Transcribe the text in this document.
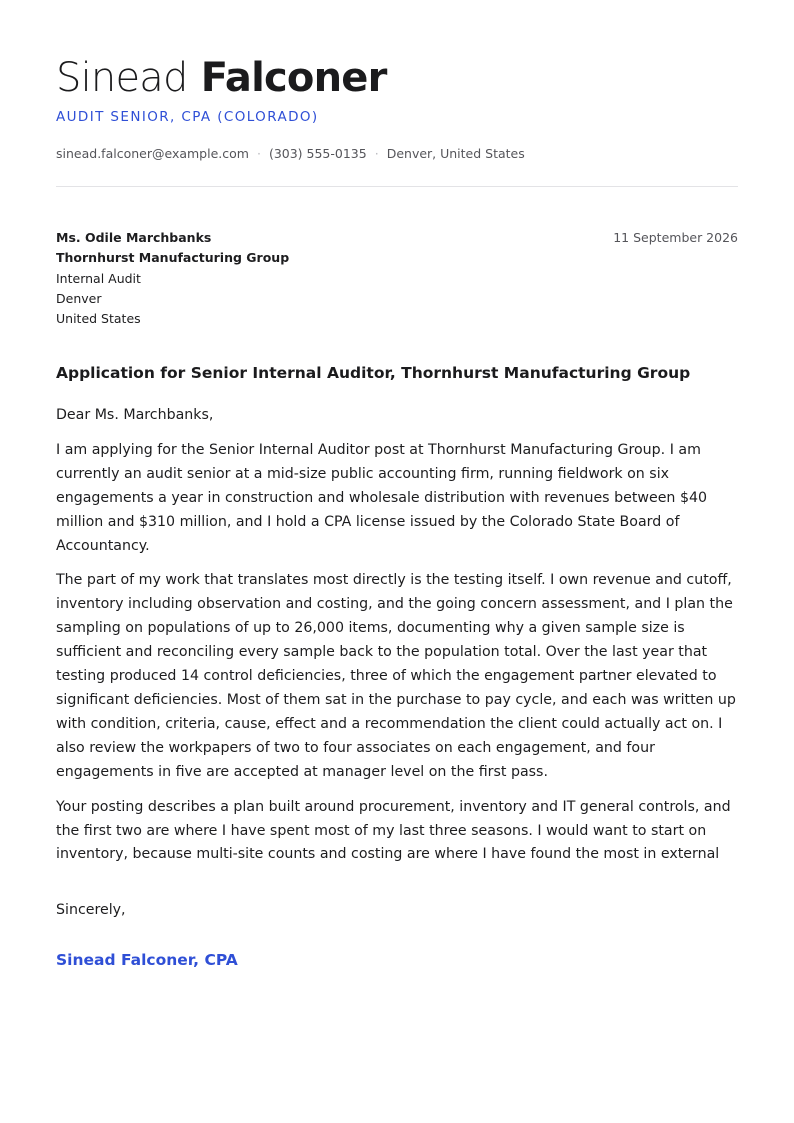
Sinead Falconer
AUDIT SENIOR, CPA (COLORADO)
sinead.falconer@example.com · (303) 555-0135 · Denver, United States
Ms. Odile Marchbanks
Thornhurst Manufacturing Group
Internal Audit
Denver
United States
11 September 2026
Application for Senior Internal Auditor, Thornhurst Manufacturing Group

Dear Ms. Marchbanks,

I am applying for the Senior Internal Auditor post at Thornhurst Manufacturing Group. I am currently an audit senior at a mid-size public accounting firm, running fieldwork on six engagements a year in construction and wholesale distribution with revenues between $40 million and $310 million, and I hold a CPA license issued by the Colorado State Board of Accountancy.

The part of my work that translates most directly is the testing itself. I own revenue and cutoff, inventory including observation and costing, and the going concern assessment, and I plan the sampling on populations of up to 26,000 items, documenting why a given sample size is sufficient and reconciling every sample back to the population total. Over the last year that testing produced 14 control deficiencies, three of which the engagement partner elevated to significant deficiencies. Most of them sat in the purchase to pay cycle, and each was written up with condition, criteria, cause, effect and a recommendation the client could actually act on. I also review the workpapers of two to four associates on each engagement, and four engagements in five are accepted at manager level on the first pass.

Your posting describes a plan built around procurement, inventory and IT general controls, and the first two are where I have spent most of my last three seasons. I would want to start on inventory, because multi-site counts and costing are where I have found the most in external

Sincerely,
Sinead Falconer, CPA
